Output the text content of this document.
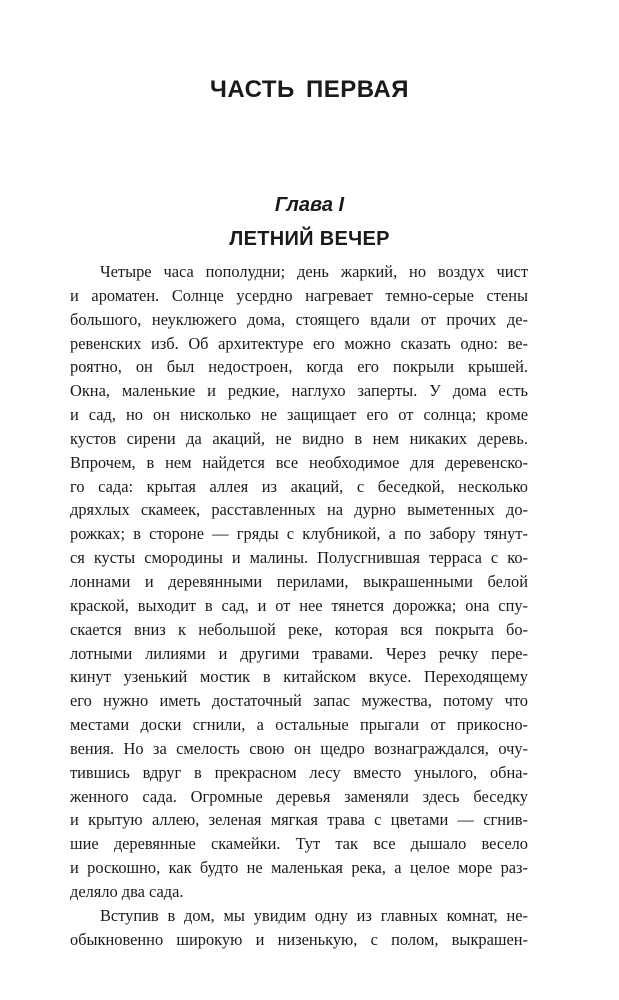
ЧАСТЬ ПЕРВАЯ
Глава I
ЛЕТНИЙ ВЕЧЕР
Четыре часа пополудни; день жаркий, но воздух чист
и ароматен. Солнце усердно нагревает темно-серые стены
большого, неуклюжего дома, стоящего вдали от прочих де-
ревенских изб. Об архитектуре его можно сказать одно: ве-
роятно, он был недостроен, когда его покрыли крышей.
Окна, маленькие и редкие, наглухо заперты. У дома есть
и сад, но он нисколько не защищает его от солнца; кроме
кустов сирени да акаций, не видно в нем никаких деревь.
Впрочем, в нем найдется все необходимое для деревенско-
го сада: крытая аллея из акаций, с беседкой, несколько
дряхлых скамеек, расставленных на дурно выметенных до-
рожках; в стороне — гряды с клубникой, а по забору тянут-
ся кусты смородины и малины. Полусгнившая терраса с ко-
лоннами и деревянными перилами, выкрашенными белой
краской, выходит в сад, и от нее тянется дорожка; она спу-
скается вниз к небольшой реке, которая вся покрыта бо-
лотными лилиями и другими травами. Через речку пере-
кинут узенький мостик в китайском вкусе. Переходящему
его нужно иметь достаточный запас мужества, потому что
местами доски сгнили, а остальные прыгали от прикосно-
вения. Но за смелость свою он щедро вознаграждался, очу-
тившись вдруг в прекрасном лесу вместо унылого, обна-
женного сада. Огромные деревья заменяли здесь беседку
и крытую аллею, зеленая мягкая трава с цветами — сгнив-
шие деревянные скамейки. Тут так все дышало весело
и роскошно, как будто не маленькая река, а целое море раз-
деляло два сада.
Вступив в дом, мы увидим одну из главных комнат, не-
обыкновенно широкую и низенькую, с полом, выкрашен-
